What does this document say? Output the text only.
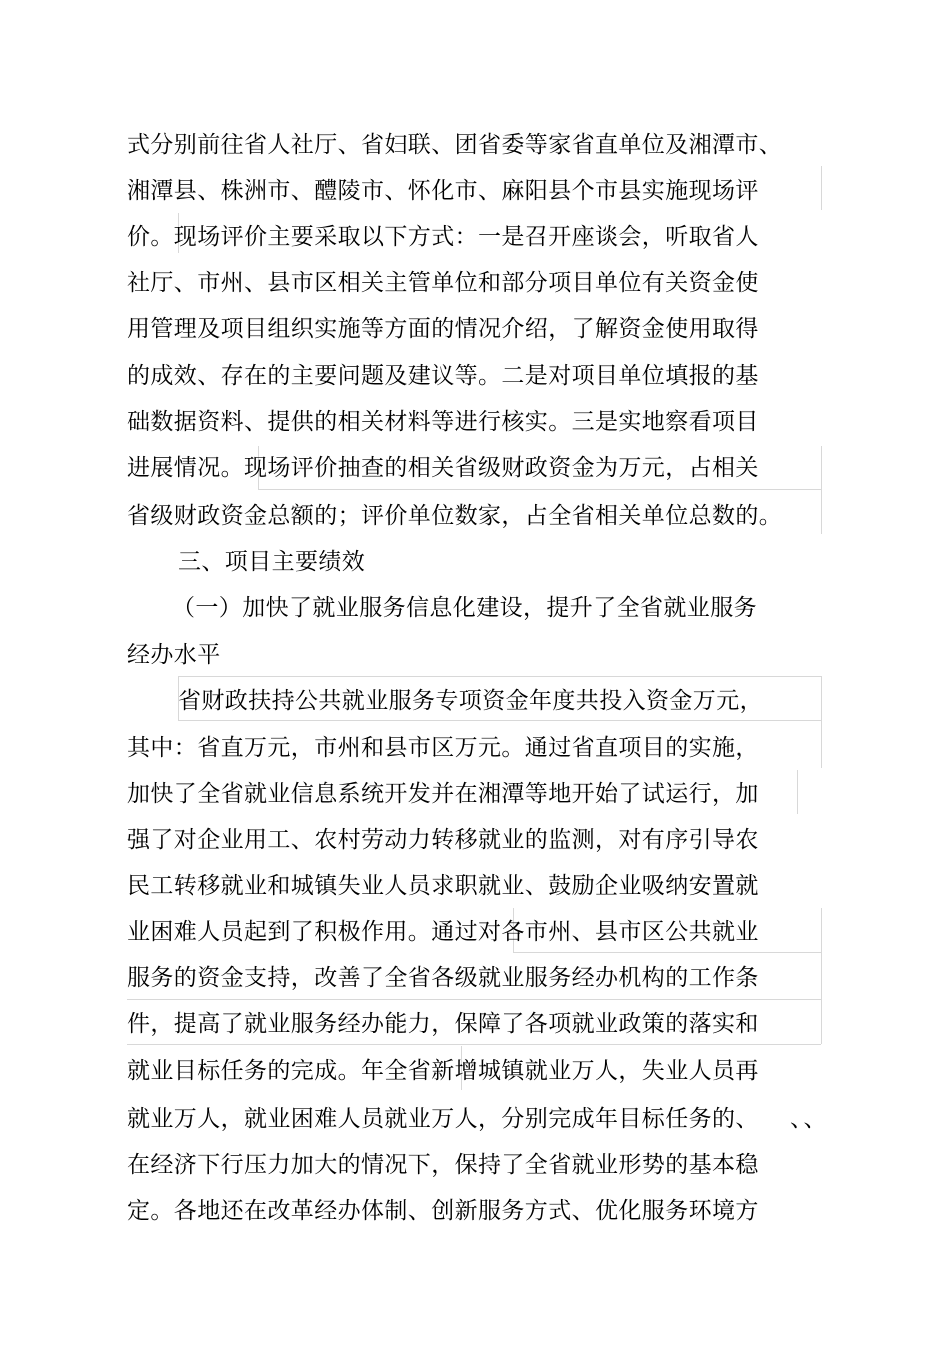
式分别前往省人社厅、省妇联、团省委等家省直单位及湘潭市、
湘潭县、株洲市、醴陵市、怀化市、麻阳县个市县实施现场评
价。现场评价主要采取以下方式：一是召开座谈会，听取省人
社厅、市州、县市区相关主管单位和部分项目单位有关资金使
用管理及项目组织实施等方面的情况介绍，了解资金使用取得
的成效、存在的主要问题及建议等。二是对项目单位填报的基
础数据资料、提供的相关材料等进行核实。三是实地察看项目
进展情况。现场评价抽查的相关省级财政资金为万元，占相关
省级财政资金总额的；评价单位数家，占全省相关单位总数的。
三、项目主要绩效
（一）加快了就业服务信息化建设，提升了全省就业服务
经办水平
省财政扶持公共就业服务专项资金年度共投入资金万元，
其中：省直万元，市州和县市区万元。通过省直项目的实施，
加快了全省就业信息系统开发并在湘潭等地开始了试运行，加
强了对企业用工、农村劳动力转移就业的监测，对有序引导农
民工转移就业和城镇失业人员求职就业、鼓励企业吸纳安置就
业困难人员起到了积极作用。通过对各市州、县市区公共就业
服务的资金支持，改善了全省各级就业服务经办机构的工作条
件，提高了就业服务经办能力，保障了各项就业政策的落实和
就业目标任务的完成。年全省新增城镇就业万人，失业人员再
就业万人，就业困难人员就业万人，分别完成年目标任务的、 、、
在经济下行压力加大的情况下，保持了全省就业形势的基本稳
定。各地还在改革经办体制、创新服务方式、优化服务环境方
